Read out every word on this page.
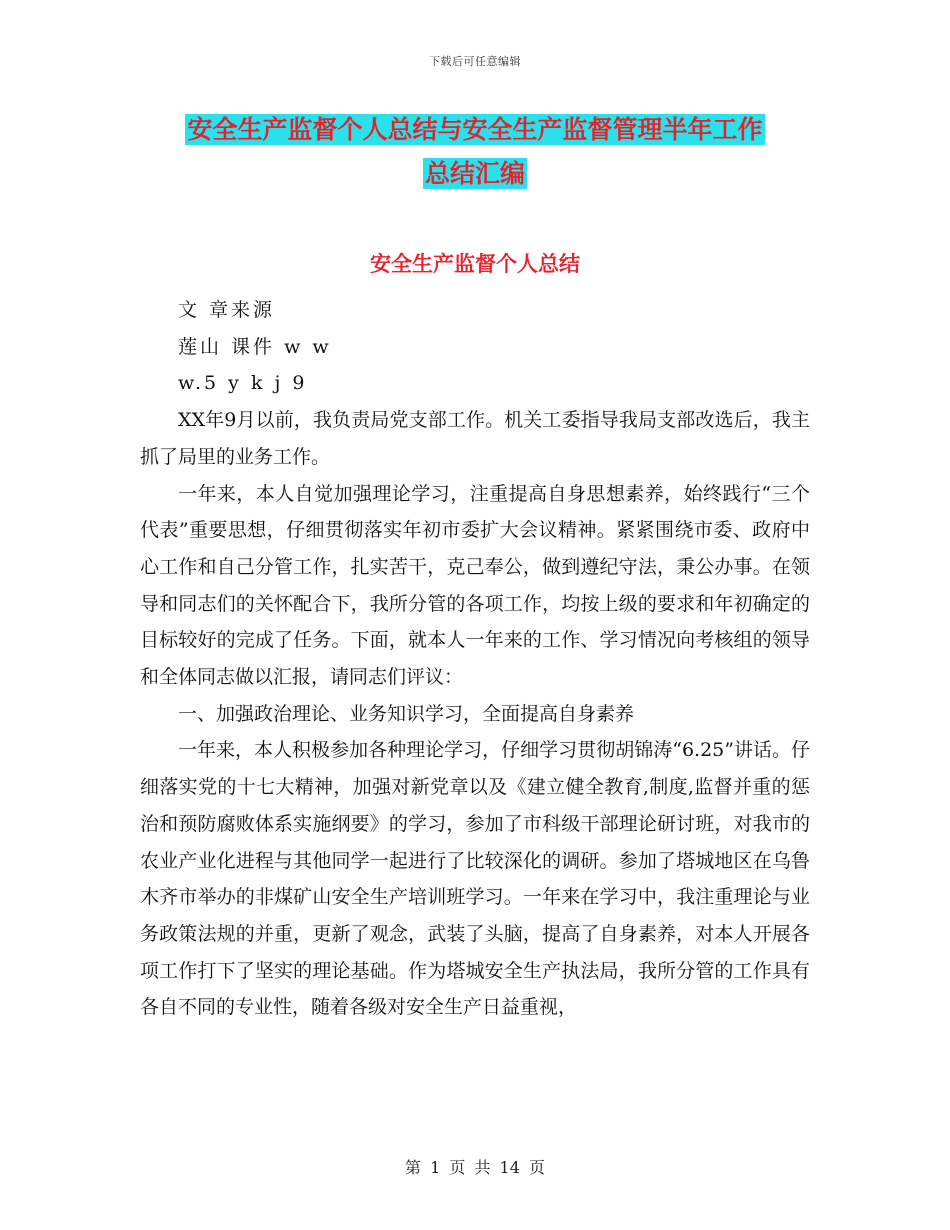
下载后可任意编辑
安全生产监督个人总结与安全生产监督管理半年工作
总结汇编
安全生产监督个人总结

文 章来源

莲山 课件 w w

w.5 y k j 9

XX年9月以前，我负责局党支部工作。机关工委指导我局支部改选后，我主抓了局里的业务工作。

一年来，本人自觉加强理论学习，注重提高自身思想素养，始终践行“三个代表”重要思想，仔细贯彻落实年初市委扩大会议精神。紧紧围绕市委、政府中心工作和自己分管工作，扎实苦干，克己奉公，做到遵纪守法，秉公办事。在领导和同志们的关怀配合下，我所分管的各项工作，均按上级的要求和年初确定的目标较好的完成了任务。下面，就本人一年来的工作、学习情况向考核组的领导和全体同志做以汇报，请同志们评议：

一、加强政治理论、业务知识学习，全面提高自身素养

一年来，本人积极参加各种理论学习，仔细学习贯彻胡锦涛“6.25”讲话。仔细落实党的十七大精神，加强对新党章以及《建立健全教育,制度,监督并重的惩治和预防腐败体系实施纲要》的学习，参加了市科级干部理论研讨班，对我市的农业产业化进程与其他同学一起进行了比较深化的调研。参加了塔城地区在乌鲁木齐市举办的非煤矿山安全生产培训班学习。一年来在学习中，我注重理论与业务政策法规的并重，更新了观念，武装了头脑，提高了自身素养，对本人开展各项工作打下了坚实的理论基础。作为塔城安全生产执法局，我所分管的工作具有各自不同的专业性，随着各级对安全生产日益重视，

第 1 页 共 14 页
